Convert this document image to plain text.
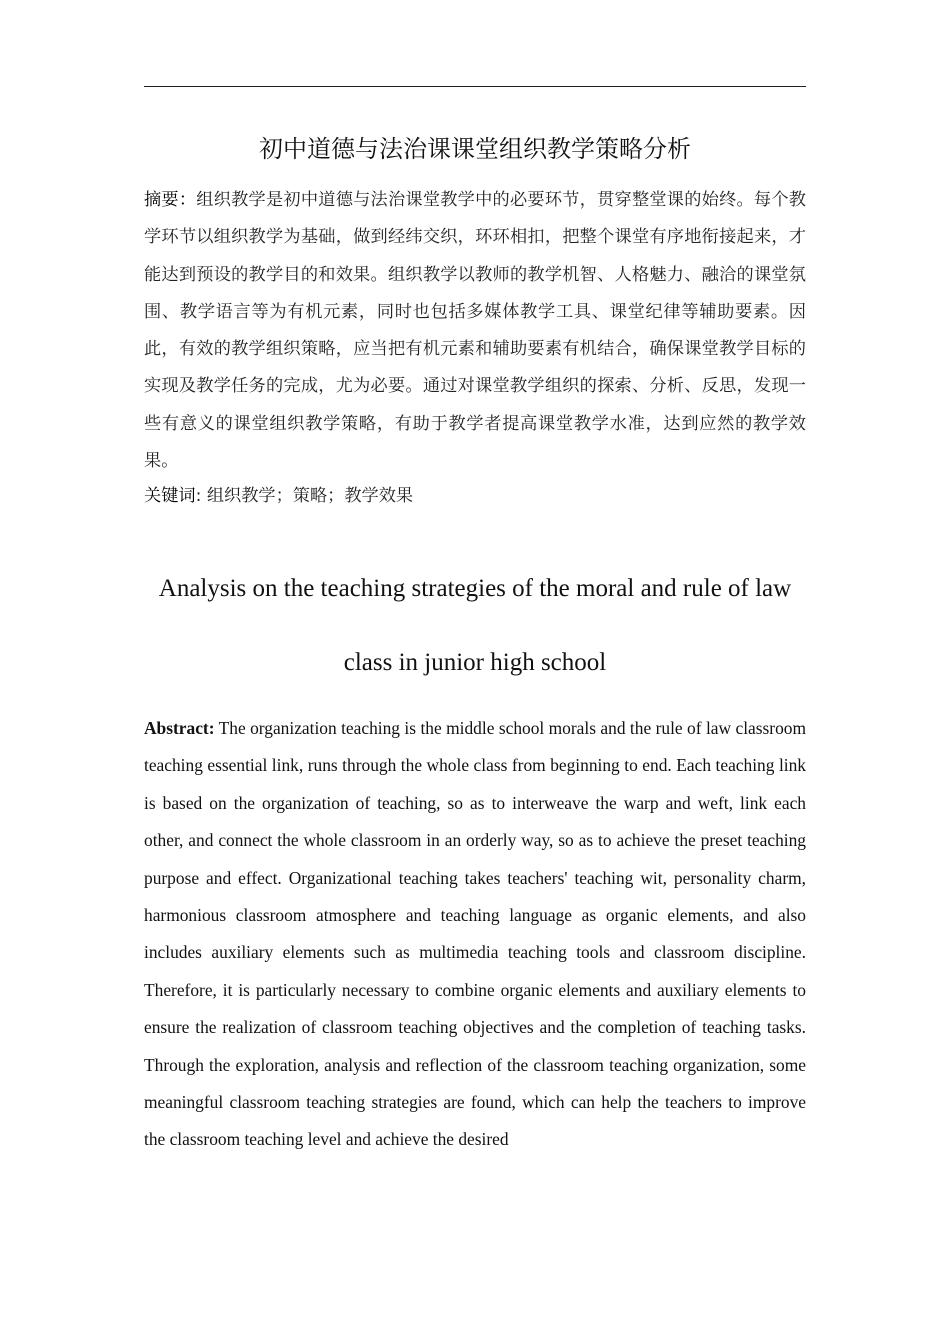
初中道德与法治课课堂组织教学策略分析

摘要：组织教学是初中道德与法治课堂教学中的必要环节，贯穿整堂课的始终。每个教学环节以组织教学为基础，做到经纬交织，环环相扣，把整个课堂有序地衔接起来，才能达到预设的教学目的和效果。组织教学以教师的教学机智、人格魅力、融洽的课堂氛围、教学语言等为有机元素，同时也包括多媒体教学工具、课堂纪律等辅助要素。因此，有效的教学组织策略，应当把有机元素和辅助要素有机结合，确保课堂教学目标的实现及教学任务的完成，尤为必要。通过对课堂教学组织的探索、分析、反思，发现一些有意义的课堂组织教学策略，有助于教学者提高课堂教学水准，达到应然的教学效果。

关键词: 组织教学；策略；教学效果

Analysis on the teaching strategies of the moral and rule of law
class in junior high school

Abstract: The organization teaching is the middle school morals and the rule of law classroom teaching essential link, runs through the whole class from beginning to end. Each teaching link is based on the organization of teaching, so as to interweave the warp and weft, link each other, and connect the whole classroom in an orderly way, so as to achieve the preset teaching purpose and effect. Organizational teaching takes teachers' teaching wit, personality charm, harmonious classroom atmosphere and teaching language as organic elements, and also includes auxiliary elements such as multimedia teaching tools and classroom discipline. Therefore, it is particularly necessary to combine organic elements and auxiliary elements to ensure the realization of classroom teaching objectives and the completion of teaching tasks. Through the exploration, analysis and reflection of the classroom teaching organization, some meaningful classroom teaching strategies are found, which can help the teachers to improve the classroom teaching level and achieve the desired
